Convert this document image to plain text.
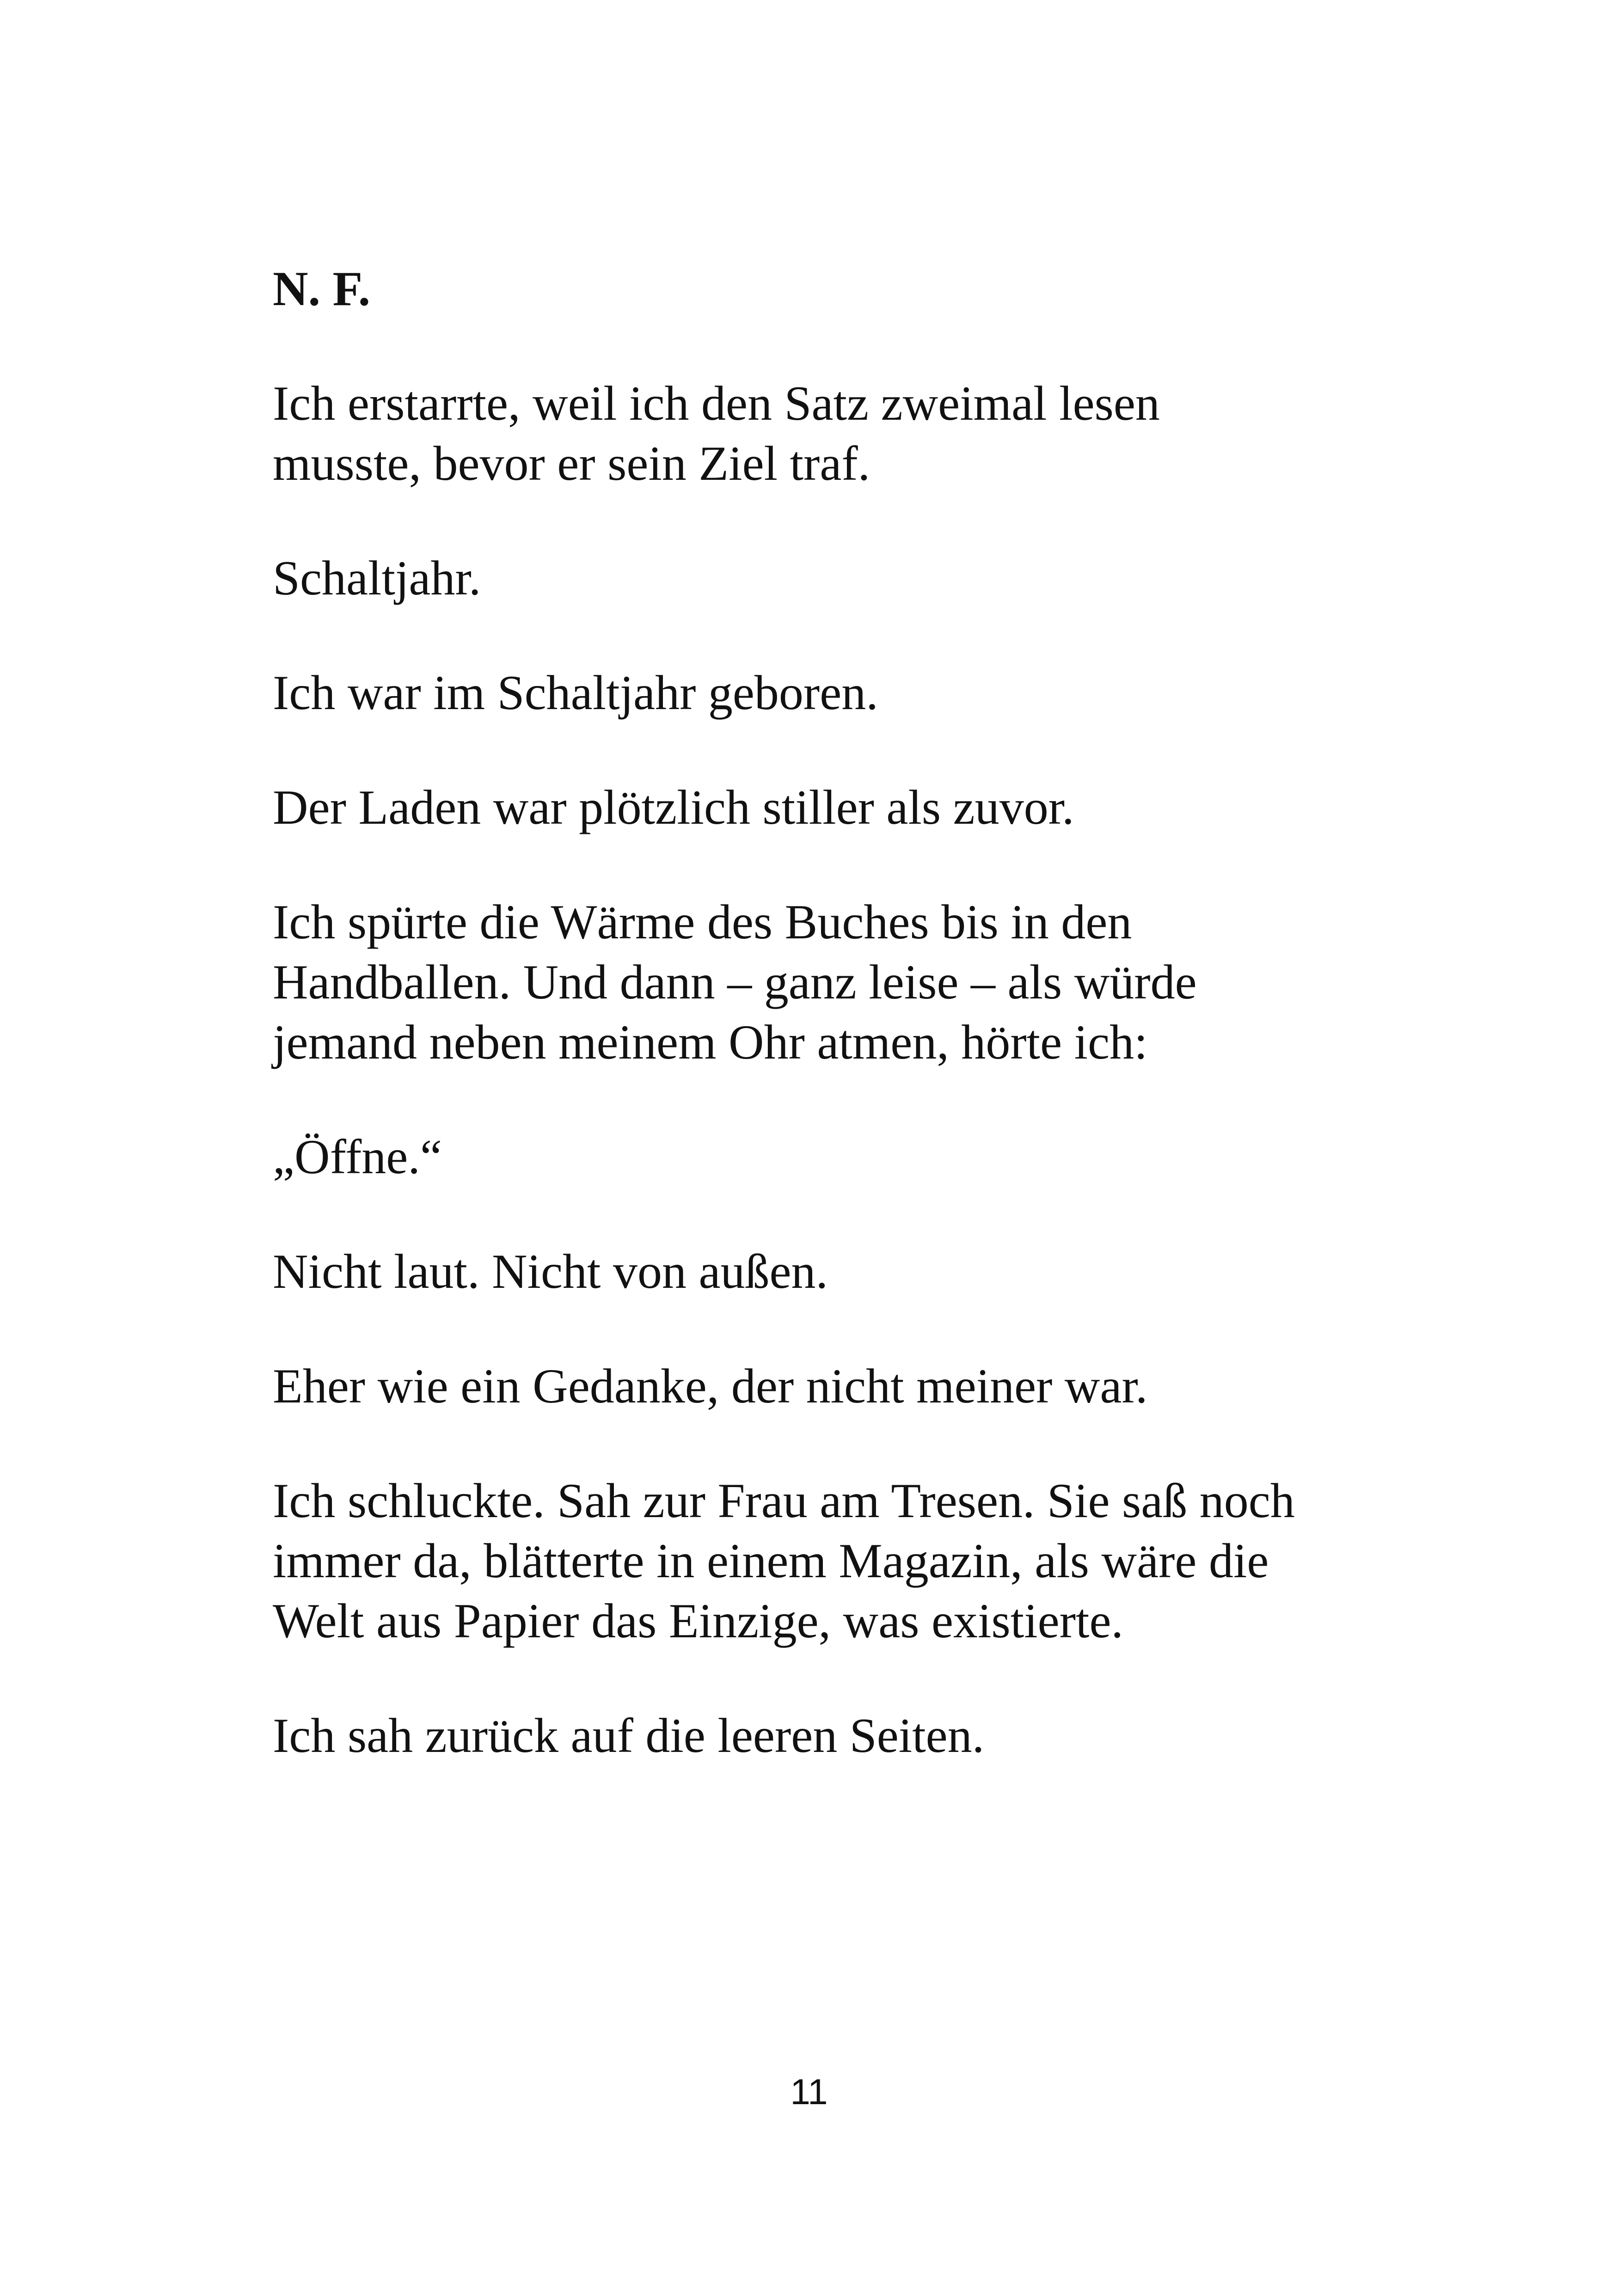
N. F.

Ich erstarrte, weil ich den Satz zweimal lesen musste, bevor er sein Ziel traf.

Schaltjahr.

Ich war im Schaltjahr geboren.

Der Laden war plötzlich stiller als zuvor.

Ich spürte die Wärme des Buches bis in den Handballen. Und dann – ganz leise – als würde jemand neben meinem Ohr atmen, hörte ich:

„Öffne.“

Nicht laut. Nicht von außen.

Eher wie ein Gedanke, der nicht meiner war.

Ich schluckte. Sah zur Frau am Tresen. Sie saß noch immer da, blätterte in einem Magazin, als wäre die Welt aus Papier das Einzige, was existierte.

Ich sah zurück auf die leeren Seiten.

11
